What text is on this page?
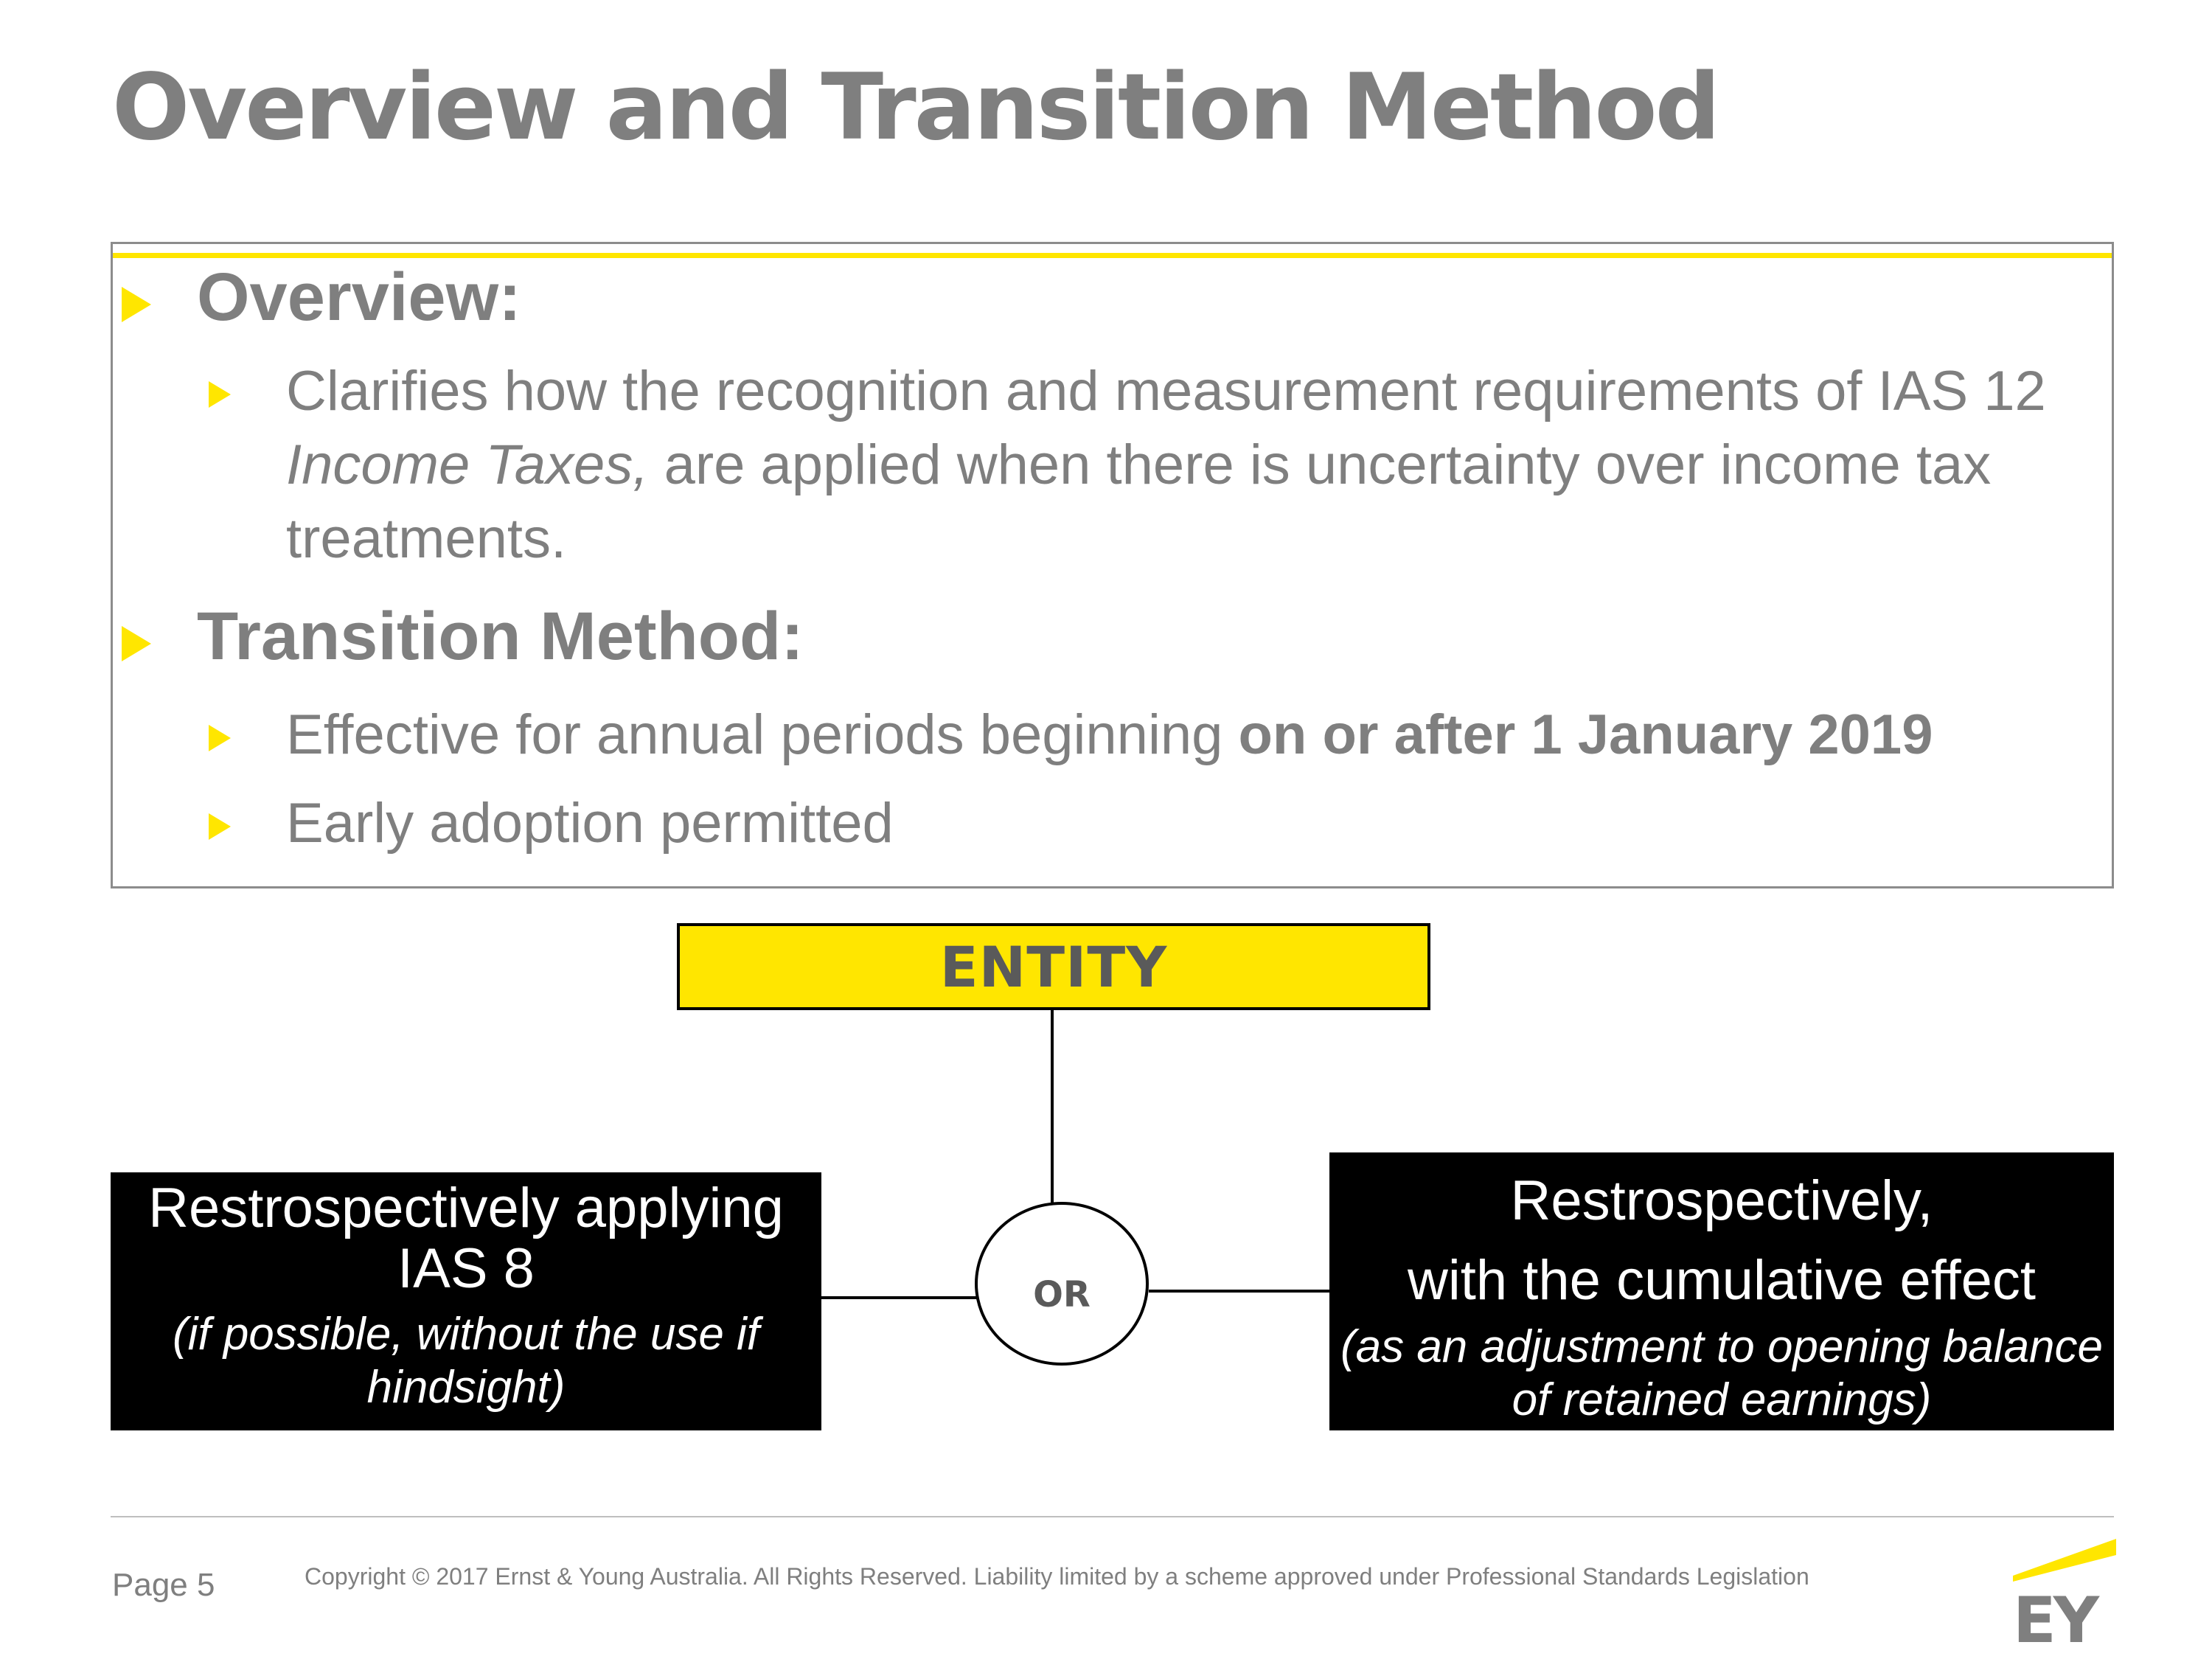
Overview and Transition Method
Overview:
Clarifies how the recognition and measurement requirements of IAS 12 Income Taxes, are applied when there is uncertainty over income tax treatments.
Transition Method:
Effective for annual periods beginning on or after 1 January 2019
Early adoption permitted
ENTITY
OR
Restrospectively applying IAS 8
(if possible, without the use if hindsight)
Restrospectively,
with the cumulative effect
(as an adjustment to opening balance of retained earnings)
Page 5	Copyright © 2017 Ernst & Young Australia. All Rights Reserved. Liability limited by a scheme approved under Professional Standards Legislation
EY
